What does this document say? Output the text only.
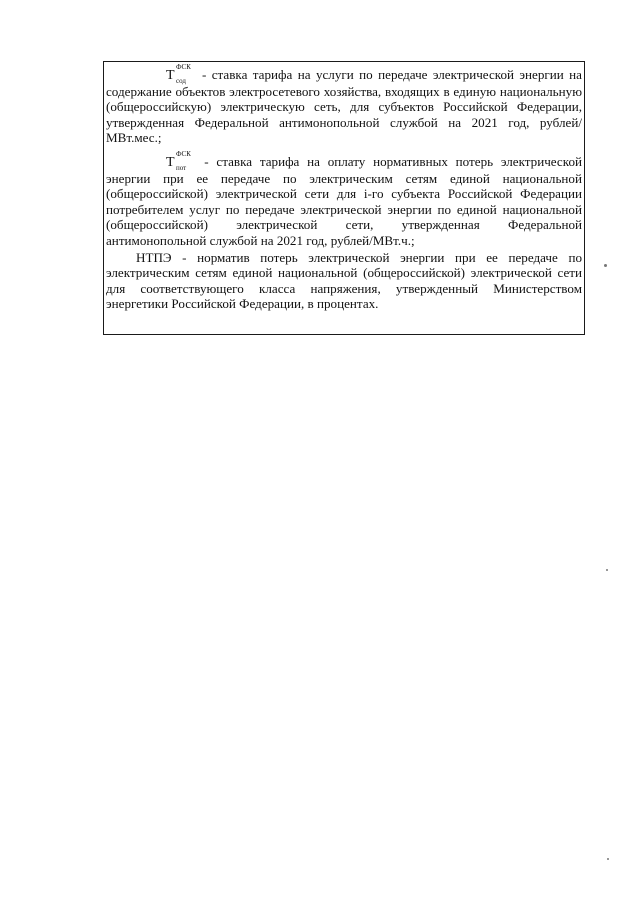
T
ФСК
сод - ставка тарифа на услуги по передаче электрической энергии на содержание объектов электросетевого хозяйства, входящих в единую национальную (общероссийскую) электрическую сеть, для субъектов Российской Федерации, утвержденная Федеральной антимонопольной службой на 2021 год, рублей/МВт.мес.;

T
ФСК
пот - ставка тарифа на оплату нормативных потерь электрической энергии при ее передаче по электрическим сетям единой национальной (общероссийской) электрической сети для i-го субъекта Российской Федерации потребителем услуг по передаче электрической энергии по единой национальной (общероссийской) электрической сети, утвержденная Федеральной антимонопольной службой на 2021 год, рублей/МВт.ч.;

НТПЭ - норматив потерь электрической энергии при ее передаче по электрическим сетям единой национальной (общероссийской) электрической сети для соответствующего класса напряжения, утвержденный Министерством энергетики Российской Федерации, в процентах.
